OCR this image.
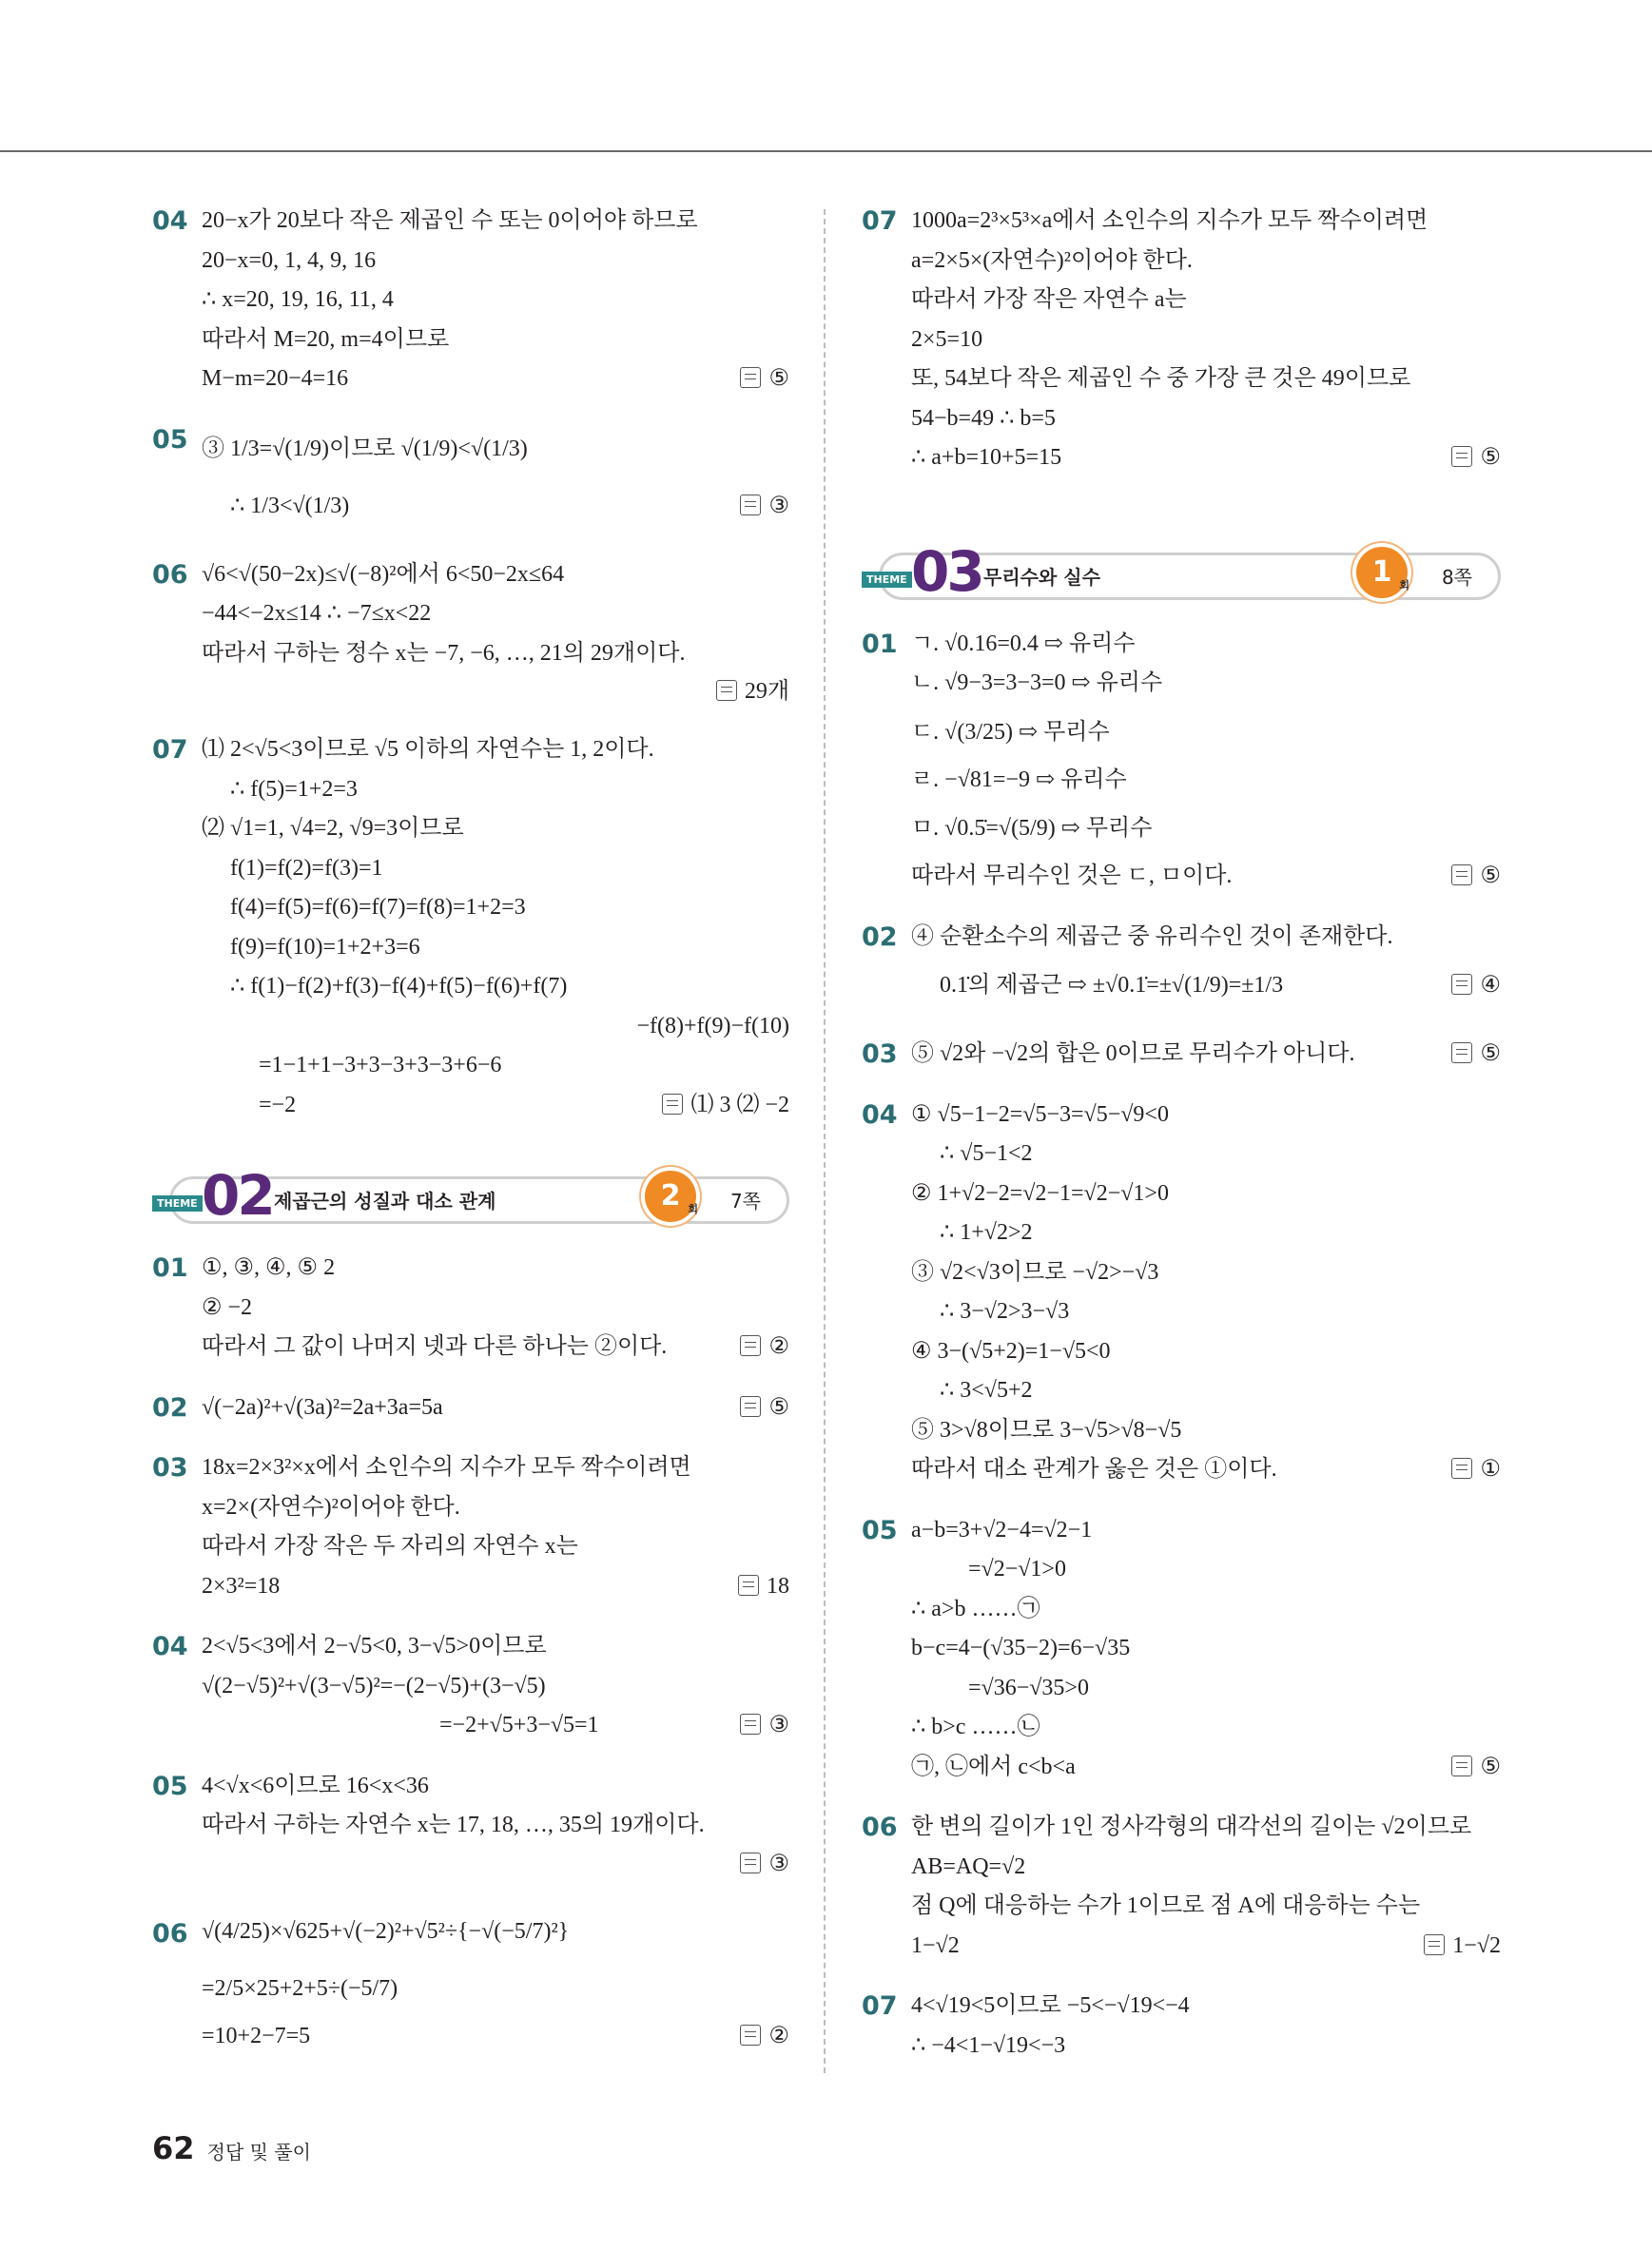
04 20−x가 20보다 작은 제곱인 수 또는 0이어야 하므로
20−x=0, 1, 4, 9, 16
∴ x=20, 19, 16, 11, 4
따라서 M=20, m=4이므로
M−m=20−4=16	⑤
05 ③ 1/3=√(1/9)이므로 √(1/9)<√(1/3)
∴ 1/3<√(1/3)	③
06 √6<√(50−2x)≤√(−8)²에서 6<50−2x≤64
−44<−2x≤14 ∴ −7≤x<22
따라서 구하는 정수 x는 −7, −6, …, 21의 29개이다.
29개
07 ⑴ 2<√5<3이므로 √5 이하의 자연수는 1, 2이다.
∴ f(5)=1+2=3
⑵ √1=1, √4=2, √9=3이므로
f(1)=f(2)=f(3)=1
f(4)=f(5)=f(6)=f(7)=f(8)=1+2=3
f(9)=f(10)=1+2+3=6
∴ f(1)−f(2)+f(3)−f(4)+f(5)−f(6)+f(7)
−f(8)+f(9)−f(10)
=1−1+1−3+3−3+3−3+6−6
=−2	⑴ 3 ⑵ −2
THEME 02 제곱근의 성질과 대소 관계	2 회 7쪽
01 ①, ③, ④, ⑤ 2
② −2
따라서 그 값이 나머지 넷과 다른 하나는 ②이다.	②
02 √(−2a)²+√(3a)²=2a+3a=5a	⑤
03 18x=2×3²×x에서 소인수의 지수가 모두 짝수이려면
x=2×(자연수)²이어야 한다.
따라서 가장 작은 두 자리의 자연수 x는
2×3²=18	18
04 2<√5<3에서 2−√5<0, 3−√5>0이므로
√(2−√5)²+√(3−√5)²=−(2−√5)+(3−√5)
=−2+√5+3−√5=1	③
05 4<√x<6이므로 16<x<36
따라서 구하는 자연수 x는 17, 18, …, 35의 19개이다.
③
06 √(4/25)×√625+√(−2)²+√5²÷{−√(−5/7)²}
=2/5×25+2+5÷(−5/7)
=10+2−7=5	②
07 1000a=2³×5³×a에서 소인수의 지수가 모두 짝수이려면
a=2×5×(자연수)²이어야 한다.
따라서 가장 작은 자연수 a는
2×5=10
또, 54보다 작은 제곱인 수 중 가장 큰 것은 49이므로
54−b=49 ∴ b=5
∴ a+b=10+5=15	⑤
THEME 03 무리수와 실수	1 회 8쪽
01 ㄱ. √0.16=0.4 ⇨ 유리수
ㄴ. √9−3=3−3=0 ⇨ 유리수
ㄷ. √(3/25) ⇨ 무리수
ㄹ. −√81=−9 ⇨ 유리수
ㅁ. √0.5̇=√(5/9) ⇨ 무리수
따라서 무리수인 것은 ㄷ, ㅁ이다.	⑤
02 ④ 순환소수의 제곱근 중 유리수인 것이 존재한다.
0.1̇의 제곱근 ⇨ ±√0.1̇=±√(1/9)=±1/3	④
03 ⑤ √2와 −√2의 합은 0이므로 무리수가 아니다.	⑤
04 ① √5−1−2=√5−3=√5−√9<0
∴ √5−1<2
② 1+√2−2=√2−1=√2−√1>0
∴ 1+√2>2
③ √2<√3이므로 −√2>−√3
∴ 3−√2>3−√3
④ 3−(√5+2)=1−√5<0
∴ 3<√5+2
⑤ 3>√8이므로 3−√5>√8−√5
따라서 대소 관계가 옳은 것은 ①이다.	①
05 a−b=3+√2−4=√2−1
=√2−√1>0
∴ a>b ……㉠
b−c=4−(√35−2)=6−√35
=√36−√35>0
∴ b>c ……㉡
㉠, ㉡에서 c<b<a	⑤
06 한 변의 길이가 1인 정사각형의 대각선의 길이는 √2이므로
AB=AQ=√2
점 Q에 대응하는 수가 1이므로 점 A에 대응하는 수는
1−√2	1−√2
07 4<√19<5이므로 −5<−√19<−4
∴ −4<1−√19<−3
62 정답 및 풀이
